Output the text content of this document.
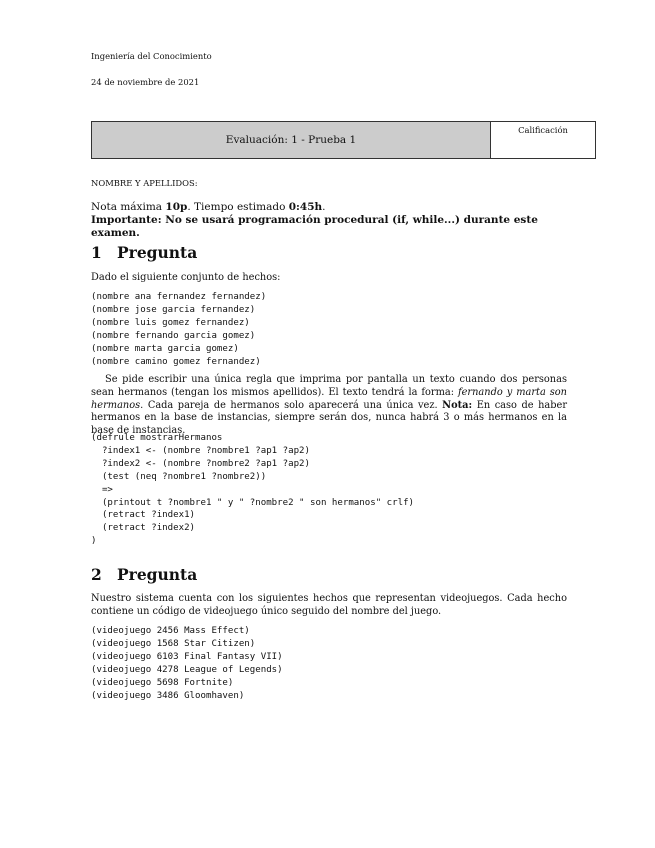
Ingeniería del Conocimiento
24 de noviembre de 2021
Evaluación: 1 - Prueba 1
Calificación
NOMBRE Y APELLIDOS:
Nota máxima 10p. Tiempo estimado 0:45h.
Importante: No se usará programación procedural (if, while...) durante este examen.
1 Pregunta
Dado el siguiente conjunto de hechos:
(nombre ana fernandez fernandez)
(nombre jose garcia fernandez)
(nombre luis gomez fernandez)
(nombre fernando garcia gomez)
(nombre marta garcia gomez)
(nombre camino gomez fernandez)
Se pide escribir una única regla que imprima por pantalla un texto cuando dos personas sean hermanos (tengan los mismos apellidos). El texto tendrá la forma: fernando y marta son hermanos. Cada pareja de hermanos solo aparecerá una única vez. Nota: En caso de haber hermanos en la base de instancias, siempre serán dos, nunca habrá 3 o más hermanos en la base de instancias.
(defrule mostrarHermanos
?index1 <- (nombre ?nombre1 ?ap1 ?ap2)
?index2 <- (nombre ?nombre2 ?ap1 ?ap2)
(test (neq ?nombre1 ?nombre2))
=>
(printout t ?nombre1 " y " ?nombre2 " son hermanos" crlf)
(retract ?index1)
(retract ?index2)
)
2 Pregunta
Nuestro sistema cuenta con los siguientes hechos que representan videojuegos. Cada hecho contiene un código de videojuego único seguido del nombre del juego.
(videojuego 2456 Mass Effect)
(videojuego 1568 Star Citizen)
(videojuego 6103 Final Fantasy VII)
(videojuego 4278 League of Legends)
(videojuego 5698 Fortnite)
(videojuego 3486 Gloomhaven)
